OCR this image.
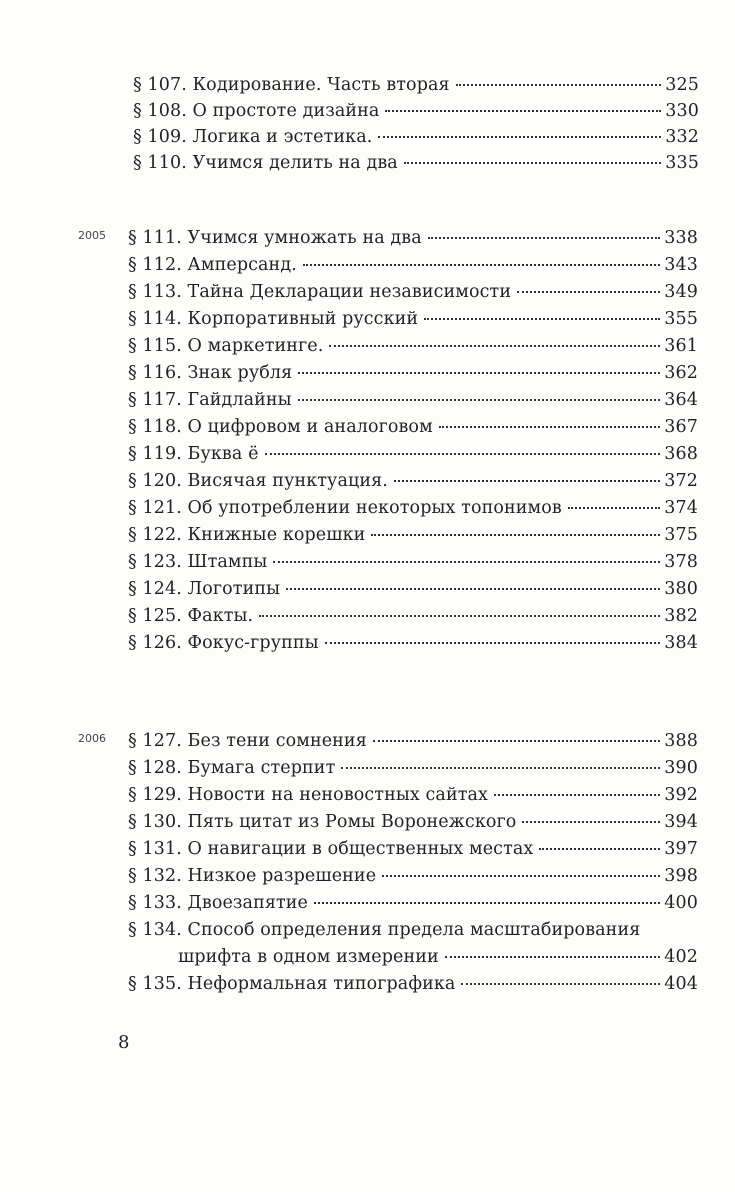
§ 107. Кодирование. Часть вторая	325
§ 108. О простоте дизайна	330
§ 109. Логика и эстетика.	332
§ 110. Учимся делить на два	335
2005 § 111. Учимся умножать на два	338
§ 112. Амперсанд.	343
§ 113. Тайна Декларации независимости	349
§ 114. Корпоративный русский	355
§ 115. О маркетинге.	361
§ 116. Знак рубля	362
§ 117. Гайдлайны	364
§ 118. О цифровом и аналоговом	367
§ 119. Буква ё	368
§ 120. Висячая пунктуация.	372
§ 121. Об употреблении некоторых топонимов	374
§ 122. Книжные корешки	375
§ 123. Штампы	378
§ 124. Логотипы	380
§ 125. Факты.	382
§ 126. Фокус-группы	384
2006 § 127. Без тени сомнения	388
§ 128. Бумага стерпит	390
§ 129. Новости на неновостных сайтах	392
§ 130. Пять цитат из Ромы Воронежского	394
§ 131. О навигации в общественных местах	397
§ 132. Низкое разрешение	398
§ 133. Двоезапятие	400
§ 134. Способ определения предела масштабирования
шрифта в одном измерении	402
§ 135. Неформальная типографика	404
8
